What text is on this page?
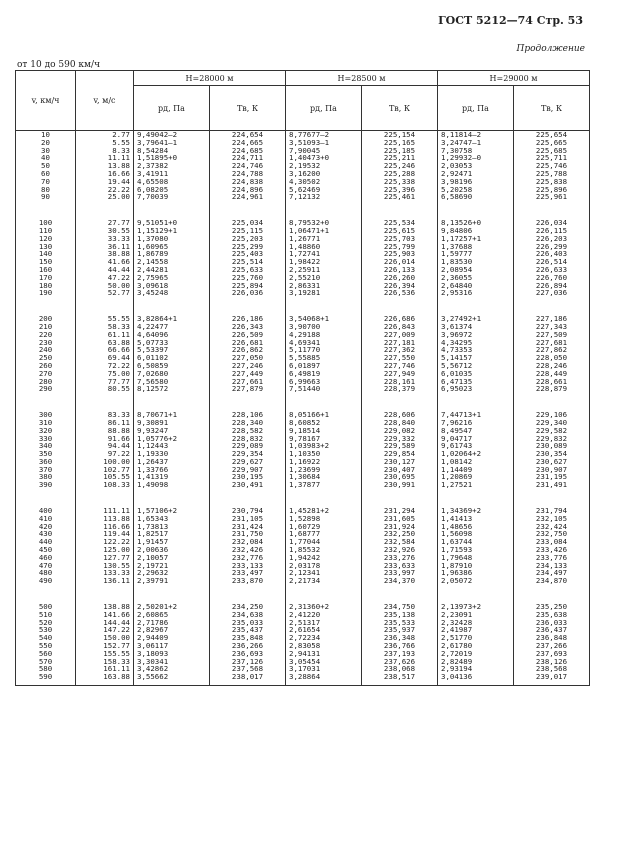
ГОСТ 5212—74 Стр. 53
Продолжение
от 10 до 590 км/ч
v, км/ч	v, м/с	H=28000 м		H=28500 м		H=29000 м	
		pд, Па	Tв, К	pд, Па	Tв, К	pд, Па	Tв, К
10	2.77	9,49042—2	224,654	8,77677—2	225,154	8,11814—2	225,654
20	5.55	3,79641—1	224,665	3,51093—1	225,165	3,24747—1	225,665
30	8.33	8,54284	224,685	7,90045	225,185	7,30758	225,685
40	11.11	1,51895+0	224,711	1,40473+0	225,211	1,29932—0	225,711
50	13.88	2,37382	224,746	2,19532	225,246	2,03053	225,746
60	16.66	3,41911	224,788	3,16200	225,288	2,92471	225,788
70	19.44	4,65508	224,838	4,30502	225,338	3,98196	225,838
80	22.22	6,08205	224,896	5,62469	225,396	5,20258	225,896
90	25.00	7,70039	224,961	7,12132	225,461	6,58690	225,961
100	27.77	9,51051+0	225,034	8,79532+0	225,534	8,13526+0	226,034
110	30.55	1,15129+1	225,115	1,06471+1	225,615	9,84806	226,115
120	33.33	1,37080	225,203	1,26771	225,703	1,17257+1	226,203
130	36.11	1,60965	225,299	1,48860	225,799	1,37688	226,299
140	38.88	1,86789	225,403	1,72741	225,903	1,59777	226,403
150	41.66	2,14558	225,514	1,98422	226,014	1,83530	226,514
160	44.44	2,44281	225,633	2,25911	226,133	2,08954	226,633
170	47.22	2,75965	225,760	2,55210	226,260	2,36055	226,760
180	50.00	3,09618	225,894	2,86331	226,394	2,64840	226,894
190	52.77	3,45248	226,036	3,19281	226,536	2,95316	227,036
200	55.55	3,82864+1	226,186	3,54068+1	226,686	3,27492+1	227,186
210	58.33	4,22477	226,343	3,90700	226,843	3,61374	227,343
220	61.11	4,64096	226,509	4,29188	227,009	3,96972	227,509
230	63.88	5,07733	226,681	4,69341	227,181	4,34295	227,681
240	66.66	5,53397	226,862	5,11770	227,362	4,73353	227,862
250	69.44	6,01102	227,050	5,55885	227,550	5,14157	228,050
260	72.22	6,50859	227,246	6,01897	227,746	5,56712	228,246
270	75.00	7,02680	227,449	6,49819	227,949	6,01035	228,449
280	77.77	7,56580	227,661	6,99663	228,161	6,47135	228,661
290	80.55	8,12572	227,879	7,51440	228,379	6,95023	228,879
300	83.33	8,70671+1	228,106	8,05166+1	228,606	7,44713+1	229,106
310	86.11	9,30891	228,340	8,60852	228,840	7,96216	229,340
320	88.88	9,93247	228,582	9,18514	229,082	8,49547	229,582
330	91.66	1,05776+2	228,832	9,78167	229,332	9,04717	229,832
340	94.44	1,12443	229,089	1,03983+2	229,589	9,61743	230,089
350	97.22	1,19330	229,354	1,10350	229,854	1,02064+2	230,354
360	100.00	1,26437	229,627	1,16922	230,127	1,08142	230,627
370	102.77	1,33766	229,907	1,23699	230,407	1,14409	230,907
380	105.55	1,41319	230,195	1,30684	230,695	1,20869	231,195
390	108.33	1,49098	230,491	1,37877	230,991	1,27521	231,491
400	111.11	1,57106+2	230,794	1,45281+2	231,294	1,34369+2	231,794
410	113.88	1,65343	231,105	1,52898	231,605	1,41413	232,105
420	116.66	1,73813	231,424	1,60729	231,924	1,48656	232,424
430	119.44	1,82517	231,750	1,68777	232,250	1,56098	232,750
440	122.22	1,91457	232,084	1,77044	232,584	1,63744	233,084
450	125.00	2,00636	232,426	1,85532	232,926	1,71593	233,426
460	127.77	2,10057	232,776	1,94242	233,276	1,79648	233,776
470	130.55	2,19721	233,133	2,03178	233,633	1,87910	234,133
480	133.33	2,29632	233,497	2,12341	233,997	1,96386	234,497
490	136.11	2,39791	233,870	2,21734	234,370	2,05072	234,870
500	138.88	2,50201+2	234,250	2,31360+2	234,750	2,13973+2	235,250
510	141.66	2,60865	234,638	2,41220	235,138	2,23091	235,638
520	144.44	2,71786	235,033	2,51317	235,533	2,32428	236,033
530	147.22	2,82967	235,437	2,61654	235,937	2,41987	236,437
540	150.00	2,94409	235,848	2,72234	236,348	2,51770	236,848
550	152.77	3,06117	236,266	2,83058	236,766	2,61780	237,266
560	155.55	3,18093	236,693	2,94131	237,193	2,72019	237,693
570	158.33	3,30341	237,126	3,05454	237,626	2,82489	238,126
580	161.11	3,42862	237,568	3,17031	238,068	2,93194	238,568
590	163.88	3,55662	238,017	3,28864	238,517	3,04136	239,017
